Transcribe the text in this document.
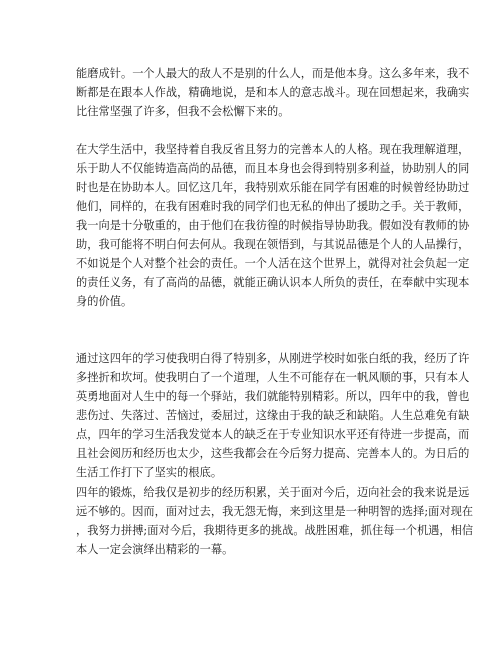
能磨成针。一个人最大的敌人不是别的什么人，而是他本身。这么多年来，我不
断都是在跟本人作战，精确地说，是和本人的意志战斗。现在回想起来，我确实
比往常坚强了许多，但我不会松懈下来的。
在大学生活中，我坚持着自我反省且努力的完善本人的人格。现在我理解道理，
乐于助人不仅能铸造高尚的品德，而且本身也会得到特别多利益，协助别人的同
时也是在协助本人。回忆这几年，我特别欢乐能在同学有困难的时候曾经协助过
他们，同样的，在我有困难时我的同学们也无私的伸出了援助之手。关于教师，
我一向是十分敬重的，由于他们在我彷徨的时候指导协助我。假如没有教师的协
助，我可能将不明白何去何从。我现在领悟到，与其说品德是个人的人品操行，
不如说是个人对整个社会的责任。一个人活在这个世界上，就得对社会负起一定
的责任义务，有了高尚的品德，就能正确认识本人所负的责任，在奉献中实现本
身的价值。
通过这四年的学习使我明白得了特别多，从刚进学校时如张白纸的我，经历了许
多挫折和坎坷。使我明白了一个道理，人生不可能存在一帆风顺的事，只有本人
英勇地面对人生中的每一个驿站，我们就能特别精彩。所以，四年中的我，曾也
悲伤过、失落过、苦恼过，委屈过，这缘由于我的缺乏和缺陷。人生总难免有缺
点，四年的学习生活我发觉本人的缺乏在于专业知识水平还有待进一步提高，而
且社会阅历和经历也太少，这些我都会在今后努力提高、完善本人的。为日后的
生活工作打下了坚实的根底。
四年的锻炼，给我仅是初步的经历积累，关于面对今后，迈向社会的我来说是远
远不够的。因而，面对过去，我无怨无悔，来到这里是一种明智的选择;面对现在
，我努力拼搏;面对今后，我期待更多的挑战。战胜困难，抓住每一个机遇，相信
本人一定会演绎出精彩的一幕。
